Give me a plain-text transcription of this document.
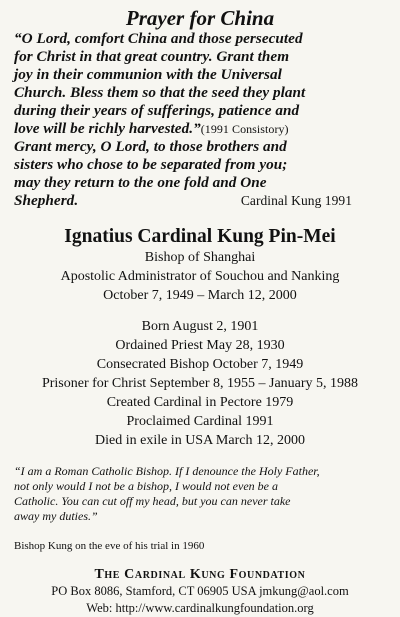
Prayer for China
“O Lord, comfort China and those persecuted
for Christ in that great country. Grant them
joy in their communion with the Universal
Church. Bless them so that the seed they plant
during their years of sufferings, patience and
love will be richly harvested.”(1991 Consistory)
Grant mercy, O Lord, to those brothers and
sisters who chose to be separated from you;
may they return to the one fold and One
Shepherd.	Cardinal Kung 1991
Ignatius Cardinal Kung Pin-Mei
Bishop of Shanghai
Apostolic Administrator of Souchou and Nanking
October 7, 1949 – March 12, 2000
Born August 2, 1901
Ordained Priest May 28, 1930
Consecrated Bishop October 7, 1949
Prisoner for Christ September 8, 1955 – January 5, 1988
Created Cardinal in Pectore 1979
Proclaimed Cardinal 1991
Died in exile in USA March 12, 2000
“I am a Roman Catholic Bishop. If I denounce the Holy Father,
not only would I not be a bishop, I would not even be a
Catholic. You can cut off my head, but you can never take
away my duties.”

Bishop Kung on the eve of his trial in 1960
The Cardinal Kung Foundation
PO Box 8086, Stamford, CT 06905 USA jmkung@aol.com
Web: http://www.cardinalkungfoundation.org
